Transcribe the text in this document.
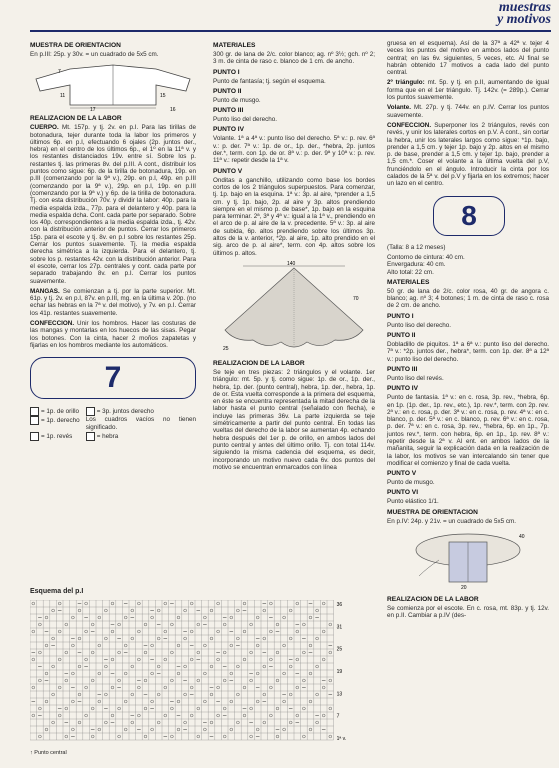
muestras
y motivos
MUESTRA DE ORIENTACION

En p.III: 25p. y 30v. = un cuadrado de 5x5 cm.

7
11	15
17	16
REALIZACION DE LA LABOR

CUERPO. Mt. 157p. y tj. 2v. en p.I. Para las tirillas de botonadura, tejer durante toda la labor los primeros y últimos 6p. en p.I, efectuando 6 ojales (2p. juntos der., hebra) en el centro de los últimos 6p., el 1º en la 11ª v. y los restantes distanciados 19v. entre sí. Sobre los p. restantes tj. las primeras 8v. del p.III. A cont., distribuir los puntos como sigue: 6p. de la tirilla de botonadura, 19p. en p.III (comenzando por la 9ª v.), 29p. en p.I, 49p. en p.III (comenzando por la 9ª v.), 29p. en p.I, 19p. en p.III (comenzando por la 9ª v.) y 6p. de la tirilla de botonadura. Tj. con esta distribución 70v. y dividir la labor: 40p. para la media espalda izda., 77p. para el delantero y 40p. para la media espalda dcha. Cont. cada parte por separado. Sobre los 40p. correspondientes a la media espalda izda., tj. 42v. con la distribución anterior de puntos. Cerrar los primeros 15p. para el escote y tj. 8v. en p.I sobre los restantes 25p. Cerrar los puntos suavemente. Tj. la media espalda derecha simétrica a la izquierda. Para el delantero, tj. sobre los p. restantes 42v. con la distribución anterior. Para el escote, cerrar los 27p. centrales y cont. cada parte por separado trabajando 8v. en p.I. Cerrar los puntos suavemente.

MANGAS. Se comienzan a tj. por la parte superior. Mt. 61p. y tj. 2v. en p.I, 87v. en p.III, mg. en la última v. 20p. (no echar las hebras en la 7ª v. del motivo), y 7v. en p.I. Cerrar los 41p. restantes suavemente.

CONFECCION. Unir los hombros. Hacer las costuras de las mangas y montarlas en los huecos de las sisas. Pegar los botones. Con la cinta, hacer 2 moños zapatetas y fijarlas en los hombros mediante los automáticos.

7
= 1p. de orillo	= 3p. juntos derecho
= 1p. derecho Los cuadros vacíos no tienen significado.
= 1p. revés	= hebra
MATERIALES

300 gr. de lana de 2/c. color blanco; ag. nº 3½; gch. nº 2; 3 m. de cinta de raso c. blanco de 1 cm. de ancho.

PUNTO I

Punto de fantasía; tj. según el esquema.

PUNTO II

Punto de musgo.

PUNTO III

Punto liso del derecho.

PUNTO IV

Volante. 1ª a 4ª v.: punto liso del derecho. 5ª v.: p. rev. 6ª v.: p. der. 7ª v.: 1p. de or., 1p. der., *hebra, 2p. juntos der.*, term. con 1p. de or. 8ª v.: p. der. 9ª y 10ª v.: p. rev. 11ª v.: repetir desde la 1ª v.

PUNTO V

Onditas a ganchillo, utilizando como base los bordes cortos de los 2 triángulos superpuestos. Para comenzar, tj. 1p. bajo en la esquina. 1ª v.: 3p. al aire, *prender a 1,5 cm. y tj. 1p. bajo, 2p. al aire y 3p. altos prendiendo siempre en el mismo p. de base*, 1p. bajo en la esquina para terminar. 2ª, 3ª y 4ª v.: igual a la 1ª v., prendiendo en el arco de p. al aire de la v. precedente. 5ª v.: 3p. al aire de subida, 6p. altos prendiendo sobre los últimos 3p. altos de la v. anterior, *2p. al aire, 1p. alto prendido en el sig. arco de p. al aire*, term. con 4p. altos sobre los últimos p. altos.

140
70
25
REALIZACION DE LA LABOR

Se teje en tres piezas: 2 triángulos y el volante. 1er triángulo: mt. 5p. y tj. como sigue: 1p. de or., 1p. der., hebra, 1p. der. (punto central), hebra, 1p. der., hebra, 1p. de or. Esta vuelta corresponde a la primera del esquema, en éste se encuentra representada la mitad derecha de la labor hasta el punto central (señalado con flecha), e incluye las primeras 36v. La parte izquierda se teje simétricamente a partir del punto central. En todas las vueltas del derecho de la labor se aumentan 4p. echando hebra después del 1er p. de orillo, en ambos lados del punto central y antes del último orillo. Tj. con total 114v. siguiendo la misma cadencia del esquema, es decir, incorporando un motivo nuevo cada 6v. dos puntos del motivo se encuentran enmarcados con línea

gruesa en el esquema). Así de la 37ª a 42ª v. tejer 4 veces los puntos del motivo en ambos lados del punto central; en las 6v. siguientes, 5 veces, etc. Al final se habrán obtenido 17 motivos a cada lado del punto central.

2º triángulo: mt. 5p. y tj. en p.II, aumentando de igual forma que en el 1er triángulo. Tj. 142v. (= 289p.). Cerrar los puntos suavemente.

Volante. Mt. 27p. y tj. 744v. en p.IV. Cerrar los puntos suavemente.

CONFECCION. Superponer los 2 triángulos, revés con revés, y unir los laterales cortos en p.V. A cont., sin cortar la hebra, unir los laterales largos como sigue: *1p. bajo, prender a 1,5 cm. y tejer 1p. bajo y 2p. altos en el mismo p. de base, prender a 1,5 cm. y tejer 1p. bajo, prender a 1,5 cm.*. Coser el volante a la última vuelta del p.V, frunciéndolo en el ángulo. Introducir la cinta por los calados de la 5ª v. del p.V y fijarla en los extremos; hacer un lazo en el centro.

8

(Talla: 8 a 12 meses)

Contorno de cintura: 40 cm.
Envergadura: 40 cm.
Alto total: 22 cm.
MATERIALES

50 gr. de lana de 2/c. color rosa, 40 gr. de angora c. blanco; ag. nº 3; 4 botones; 1 m. de cinta de raso c. rosa de 2 cm. de ancho.

PUNTO I

Punto liso del derecho.

PUNTO II

Dobladillo de piquitos. 1ª a 6ª v.: punto liso del derecho. 7ª v.: *2p. juntos der., hebra*, term. con 1p. der. 8ª a 12ª v.: punto liso del derecho.

PUNTO III

Punto liso del revés.

PUNTO IV

Punto de fantasía. 1ª v.: en c. rosa, 3p. rev., *hebra, 6p. en 1p. (1p. der., 1p. rev., etc.), 1p. rev.*, term. con 2p. rev. 2ª v.: en c. rosa, p. der. 3ª v.: en c. rosa, p. rev. 4ª v.: en c. blanco, p. der. 5ª v.: en c. blanco, p. rev. 6ª v.: en c. rosa, p. der. 7ª v.: en c. rosa, 3p. rev., *hebra, 6p. en 1p., 7p. juntos rev.*, term. con hebra, 6p. en 1p., 1p. rev. 8ª v.: repetir desde la 2ª v. Al ent. en ambos lados de la mañanita, seguir la explicación dada en la realización de la labor, los motivos se van intercalando sin tener que modificar el comienzo y final de cada vuelta.

PUNTO V

Punto de musgo.

PUNTO VI

Punto elástico 1/1.

MUESTRA DE ORIENTACION

En p.IV: 24p. y 21v. = un cuadrado de 5x5 cm.

20
40
REALIZACION DE LA LABOR

Se comienza por el escote. En c. rosa, mt. 83p. y tj. 12v. en p.II. Cambiar a p.IV (des-

Esquema del p.I
36
31
25
19
13
7
1ª v.
↑ Punto central
